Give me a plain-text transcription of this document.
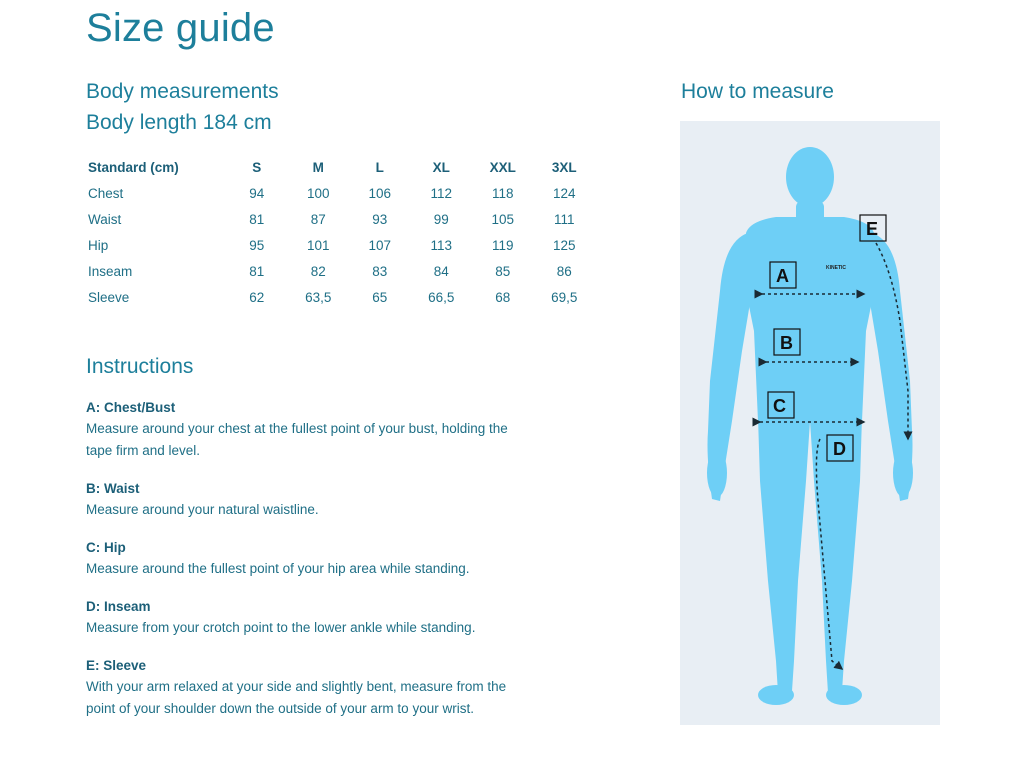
Size guide
Body measurements
Body length 184 cm
Standard (cm)	S	M	L	XL	XXL	3XL
Chest	94	100	106	112	118	124
Waist	81	87	93	99	105	111
Hip	95	101	107	113	119	125
Inseam	81	82	83	84	85	86
Sleeve	62	63,5	65	66,5	68	69,5
Instructions
A: Chest/Bust

Measure around your chest at the fullest point of your bust, holding the

tape firm and level.

B: Waist

Measure around your natural waistline.

C: Hip

Measure around the fullest point of your hip area while standing.

D: Inseam

Measure from your crotch point to the lower ankle while standing.

E: Sleeve

With your arm relaxed at your side and slightly bent, measure from the

point of your shoulder down the outside of your arm to your wrist.

How to measure
A
B
C
D
E
KINETIC
